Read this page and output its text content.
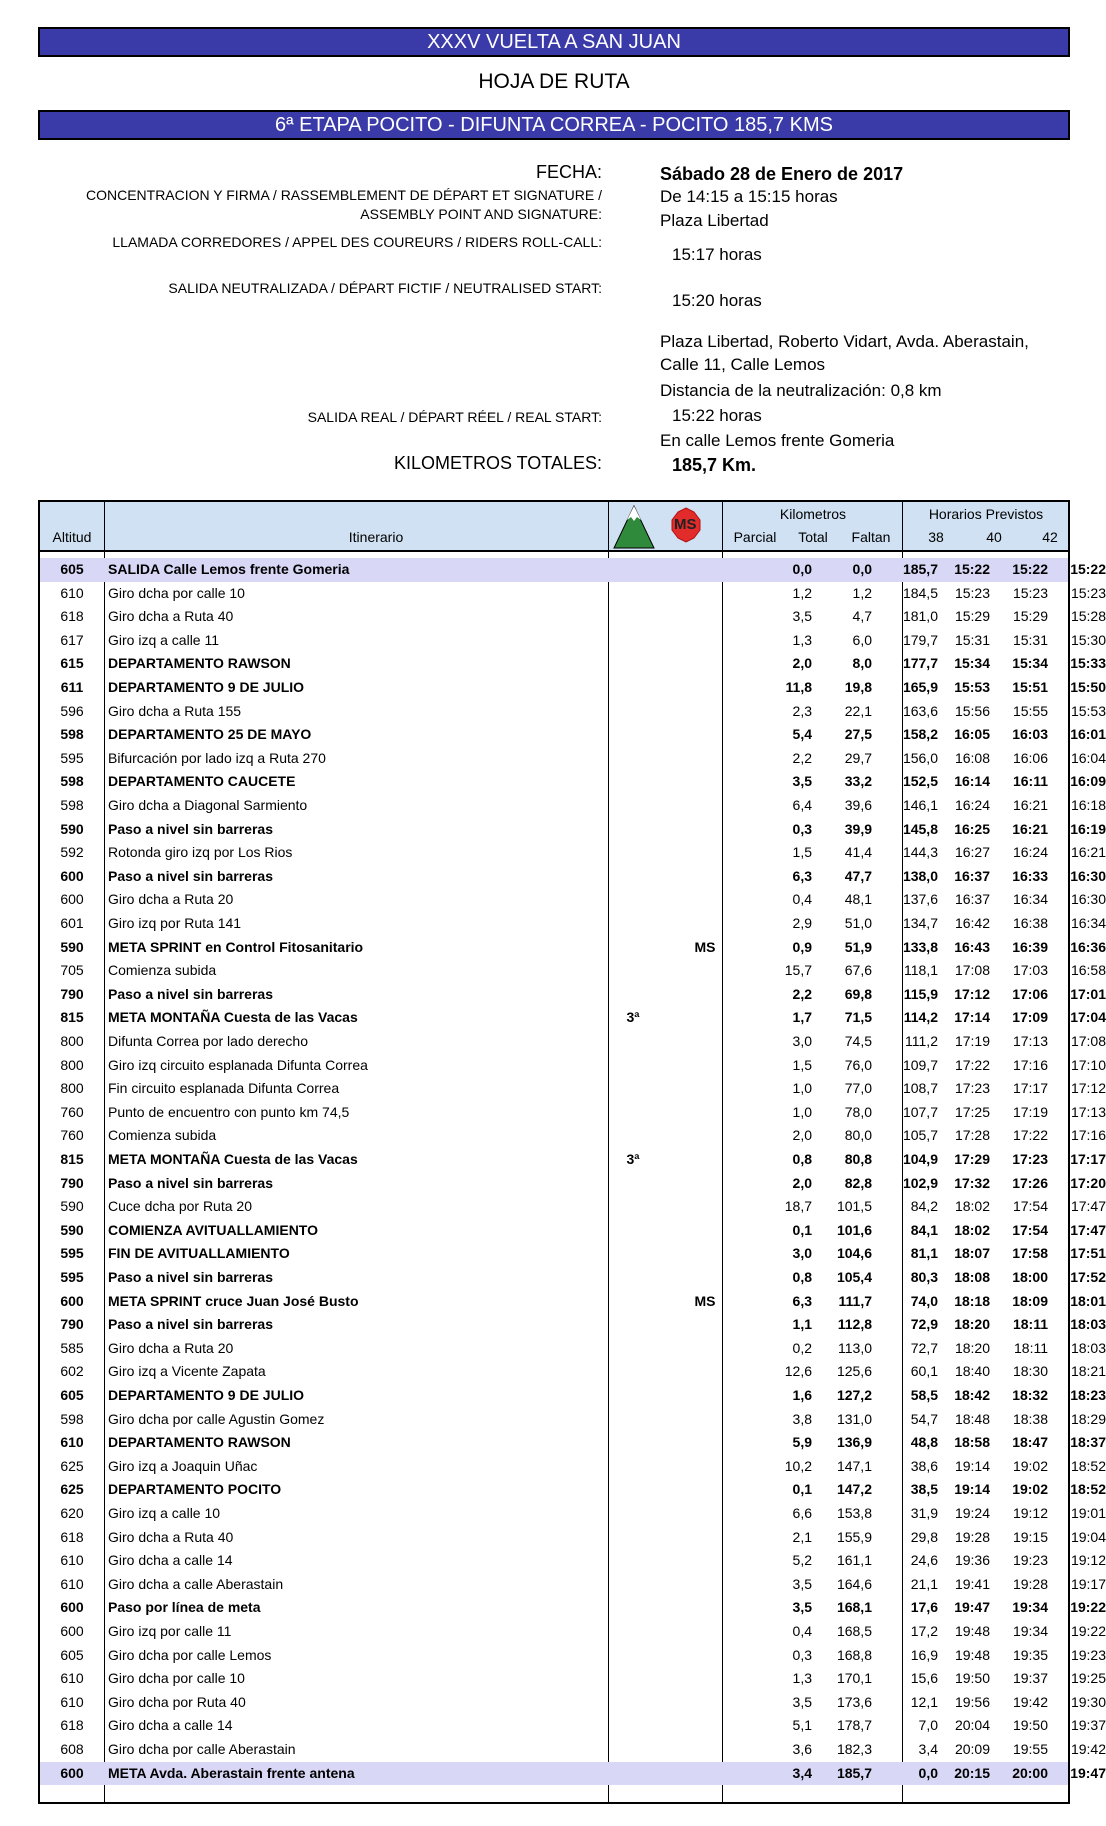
XXXV VUELTA A SAN JUAN
HOJA DE RUTA
6ª ETAPA POCITO - DIFUNTA CORREA - POCITO 185,7 KMS
FECHA:	Sábado 28 de Enero de 2017
CONCENTRACION Y FIRMA / RASSEMBLEMENT DE DÉPART ET SIGNATURE /
ASSEMBLY POINT AND SIGNATURE:
De 14:15 a 15:15 horas
Plaza Libertad
LLAMADA CORREDORES / APPEL DES COUREURS / RIDERS ROLL-CALL:
15:17 horas
SALIDA NEUTRALIZADA / DÉPART FICTIF / NEUTRALISED START:
15:20 horas
Plaza Libertad, Roberto Vidart, Avda. Aberastain,
Calle 11, Calle Lemos
Distancia de la neutralización: 0,8 km
SALIDA REAL / DÉPART RÉEL / REAL START:	15:22 horas
En calle Lemos frente Gomeria
KILOMETROS TOTALES:	185,7 Km.
Altitud	Itinerario
MS
Kilometros
Parcial	Total	Faltan
Horarios Previstos
38	40	42
605	SALIDA Calle Lemos frente Gomeria	0,0	0,0	185,7	15:22	15:22	15:22
610	Giro dcha por calle 10	1,2	1,2	184,5	15:23	15:23	15:23
618	Giro dcha a Ruta 40	3,5	4,7	181,0	15:29	15:29	15:28
617	Giro izq a calle 11	1,3	6,0	179,7	15:31	15:31	15:30
615	DEPARTAMENTO RAWSON	2,0	8,0	177,7	15:34	15:34	15:33
611	DEPARTAMENTO 9 DE JULIO	11,8	19,8	165,9	15:53	15:51	15:50
596	Giro dcha a Ruta 155	2,3	22,1	163,6	15:56	15:55	15:53
598	DEPARTAMENTO 25 DE MAYO	5,4	27,5	158,2	16:05	16:03	16:01
595	Bifurcación por lado izq a Ruta 270	2,2	29,7	156,0	16:08	16:06	16:04
598	DEPARTAMENTO CAUCETE	3,5	33,2	152,5	16:14	16:11	16:09
598	Giro dcha a Diagonal Sarmiento	6,4	39,6	146,1	16:24	16:21	16:18
590	Paso a nivel sin barreras	0,3	39,9	145,8	16:25	16:21	16:19
592	Rotonda giro izq por Los Rios	1,5	41,4	144,3	16:27	16:24	16:21
600	Paso a nivel sin barreras	6,3	47,7	138,0	16:37	16:33	16:30
600	Giro dcha a Ruta 20	0,4	48,1	137,6	16:37	16:34	16:30
601	Giro izq por Ruta 141	2,9	51,0	134,7	16:42	16:38	16:34
590	META SPRINT en Control Fitosanitario	MS	0,9	51,9	133,8	16:43	16:39	16:36
705	Comienza subida	15,7	67,6	118,1	17:08	17:03	16:58
790	Paso a nivel sin barreras	2,2	69,8	115,9	17:12	17:06	17:01
815	META MONTAÑA Cuesta de las Vacas	3ª	1,7	71,5	114,2	17:14	17:09	17:04
800	Difunta Correa por lado derecho	3,0	74,5	111,2	17:19	17:13	17:08
800	Giro izq circuito esplanada Difunta Correa	1,5	76,0	109,7	17:22	17:16	17:10
800	Fin circuito esplanada Difunta Correa	1,0	77,0	108,7	17:23	17:17	17:12
760	Punto de encuentro con punto km 74,5	1,0	78,0	107,7	17:25	17:19	17:13
760	Comienza subida	2,0	80,0	105,7	17:28	17:22	17:16
815	META MONTAÑA Cuesta de las Vacas	3ª	0,8	80,8	104,9	17:29	17:23	17:17
790	Paso a nivel sin barreras	2,0	82,8	102,9	17:32	17:26	17:20
590	Cuce dcha por Ruta 20	18,7	101,5	84,2	18:02	17:54	17:47
590	COMIENZA AVITUALLAMIENTO	0,1	101,6	84,1	18:02	17:54	17:47
595	FIN DE AVITUALLAMIENTO	3,0	104,6	81,1	18:07	17:58	17:51
595	Paso a nivel sin barreras	0,8	105,4	80,3	18:08	18:00	17:52
600	META SPRINT cruce Juan José Busto	MS	6,3	111,7	74,0	18:18	18:09	18:01
790	Paso a nivel sin barreras	1,1	112,8	72,9	18:20	18:11	18:03
585	Giro dcha a Ruta 20	0,2	113,0	72,7	18:20	18:11	18:03
602	Giro izq a Vicente Zapata	12,6	125,6	60,1	18:40	18:30	18:21
605	DEPARTAMENTO 9 DE JULIO	1,6	127,2	58,5	18:42	18:32	18:23
598	Giro dcha por calle Agustin Gomez	3,8	131,0	54,7	18:48	18:38	18:29
610	DEPARTAMENTO RAWSON	5,9	136,9	48,8	18:58	18:47	18:37
625	Giro izq a Joaquin Uñac	10,2	147,1	38,6	19:14	19:02	18:52
625	DEPARTAMENTO POCITO	0,1	147,2	38,5	19:14	19:02	18:52
620	Giro izq a calle 10	6,6	153,8	31,9	19:24	19:12	19:01
618	Giro dcha a Ruta 40	2,1	155,9	29,8	19:28	19:15	19:04
610	Giro dcha a calle 14	5,2	161,1	24,6	19:36	19:23	19:12
610	Giro dcha a calle Aberastain	3,5	164,6	21,1	19:41	19:28	19:17
600	Paso por línea de meta	3,5	168,1	17,6	19:47	19:34	19:22
600	Giro izq por calle 11	0,4	168,5	17,2	19:48	19:34	19:22
605	Giro dcha por calle Lemos	0,3	168,8	16,9	19:48	19:35	19:23
610	Giro dcha por calle 10	1,3	170,1	15,6	19:50	19:37	19:25
610	Giro dcha por Ruta 40	3,5	173,6	12,1	19:56	19:42	19:30
618	Giro dcha a calle 14	5,1	178,7	7,0	20:04	19:50	19:37
608	Giro dcha por calle Aberastain	3,6	182,3	3,4	20:09	19:55	19:42
600	META Avda. Aberastain frente antena	3,4	185,7	0,0	20:15	20:00	19:47
